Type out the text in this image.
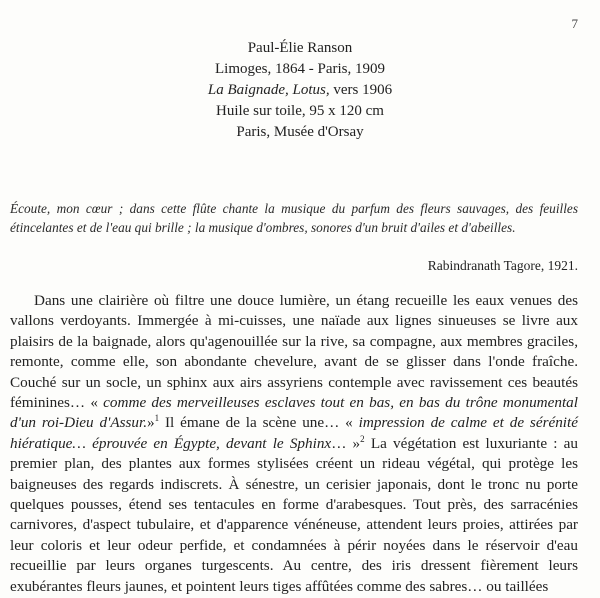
7
Paul-Élie Ranson
Limoges, 1864 - Paris, 1909
La Baignade, Lotus, vers 1906
Huile sur toile, 95 x 120 cm
Paris, Musée d'Orsay
Écoute, mon cœur ; dans cette flûte chante la musique du parfum des fleurs sauvages, des feuilles étincelantes et de l'eau qui brille ; la musique d'ombres, sonores d'un bruit d'ailes et d'abeilles.
Rabindranath Tagore, 1921.

Dans une clairière où filtre une douce lumière, un étang recueille les eaux venues des vallons verdoyants. Immergée à mi-cuisses, une naïade aux lignes sinueuses se livre aux plaisirs de la baignade, alors qu'agenouillée sur la rive, sa compagne, aux membres graciles, remonte, comme elle, son abondante chevelure, avant de se glisser dans l'onde fraîche. Couché sur un socle, un sphinx aux airs assyriens contemple avec ravissement ces beautés féminines… « comme des merveilleuses esclaves tout en bas, en bas du trône monumental d'un roi-Dieu d'Assur.»$^1$ Il émane de la scène une… « impression de calme et de sérénité hiératique… éprouvée en Égypte, devant le Sphinx… »$^2$ La végétation est luxuriante : au premier plan, des plantes aux formes stylisées créent un rideau végétal, qui protège les baigneuses des regards indiscrets. À sénestre, un cerisier japonais, dont le tronc nu porte quelques pousses, étend ses tentacules en forme d'arabesques. Tout près, des sarracénies carnivores, d'aspect tubulaire, et d'apparence vénéneuse, attendent leurs proies, attirées par leur coloris et leur odeur perfide, et condamnées à périr noyées dans le réservoir d'eau recueillie par leurs organes turgescents. Au centre, des iris dressent fièrement leurs exubérantes fleurs jaunes, et pointent leurs tiges affûtées comme des sabres… ou taillées
